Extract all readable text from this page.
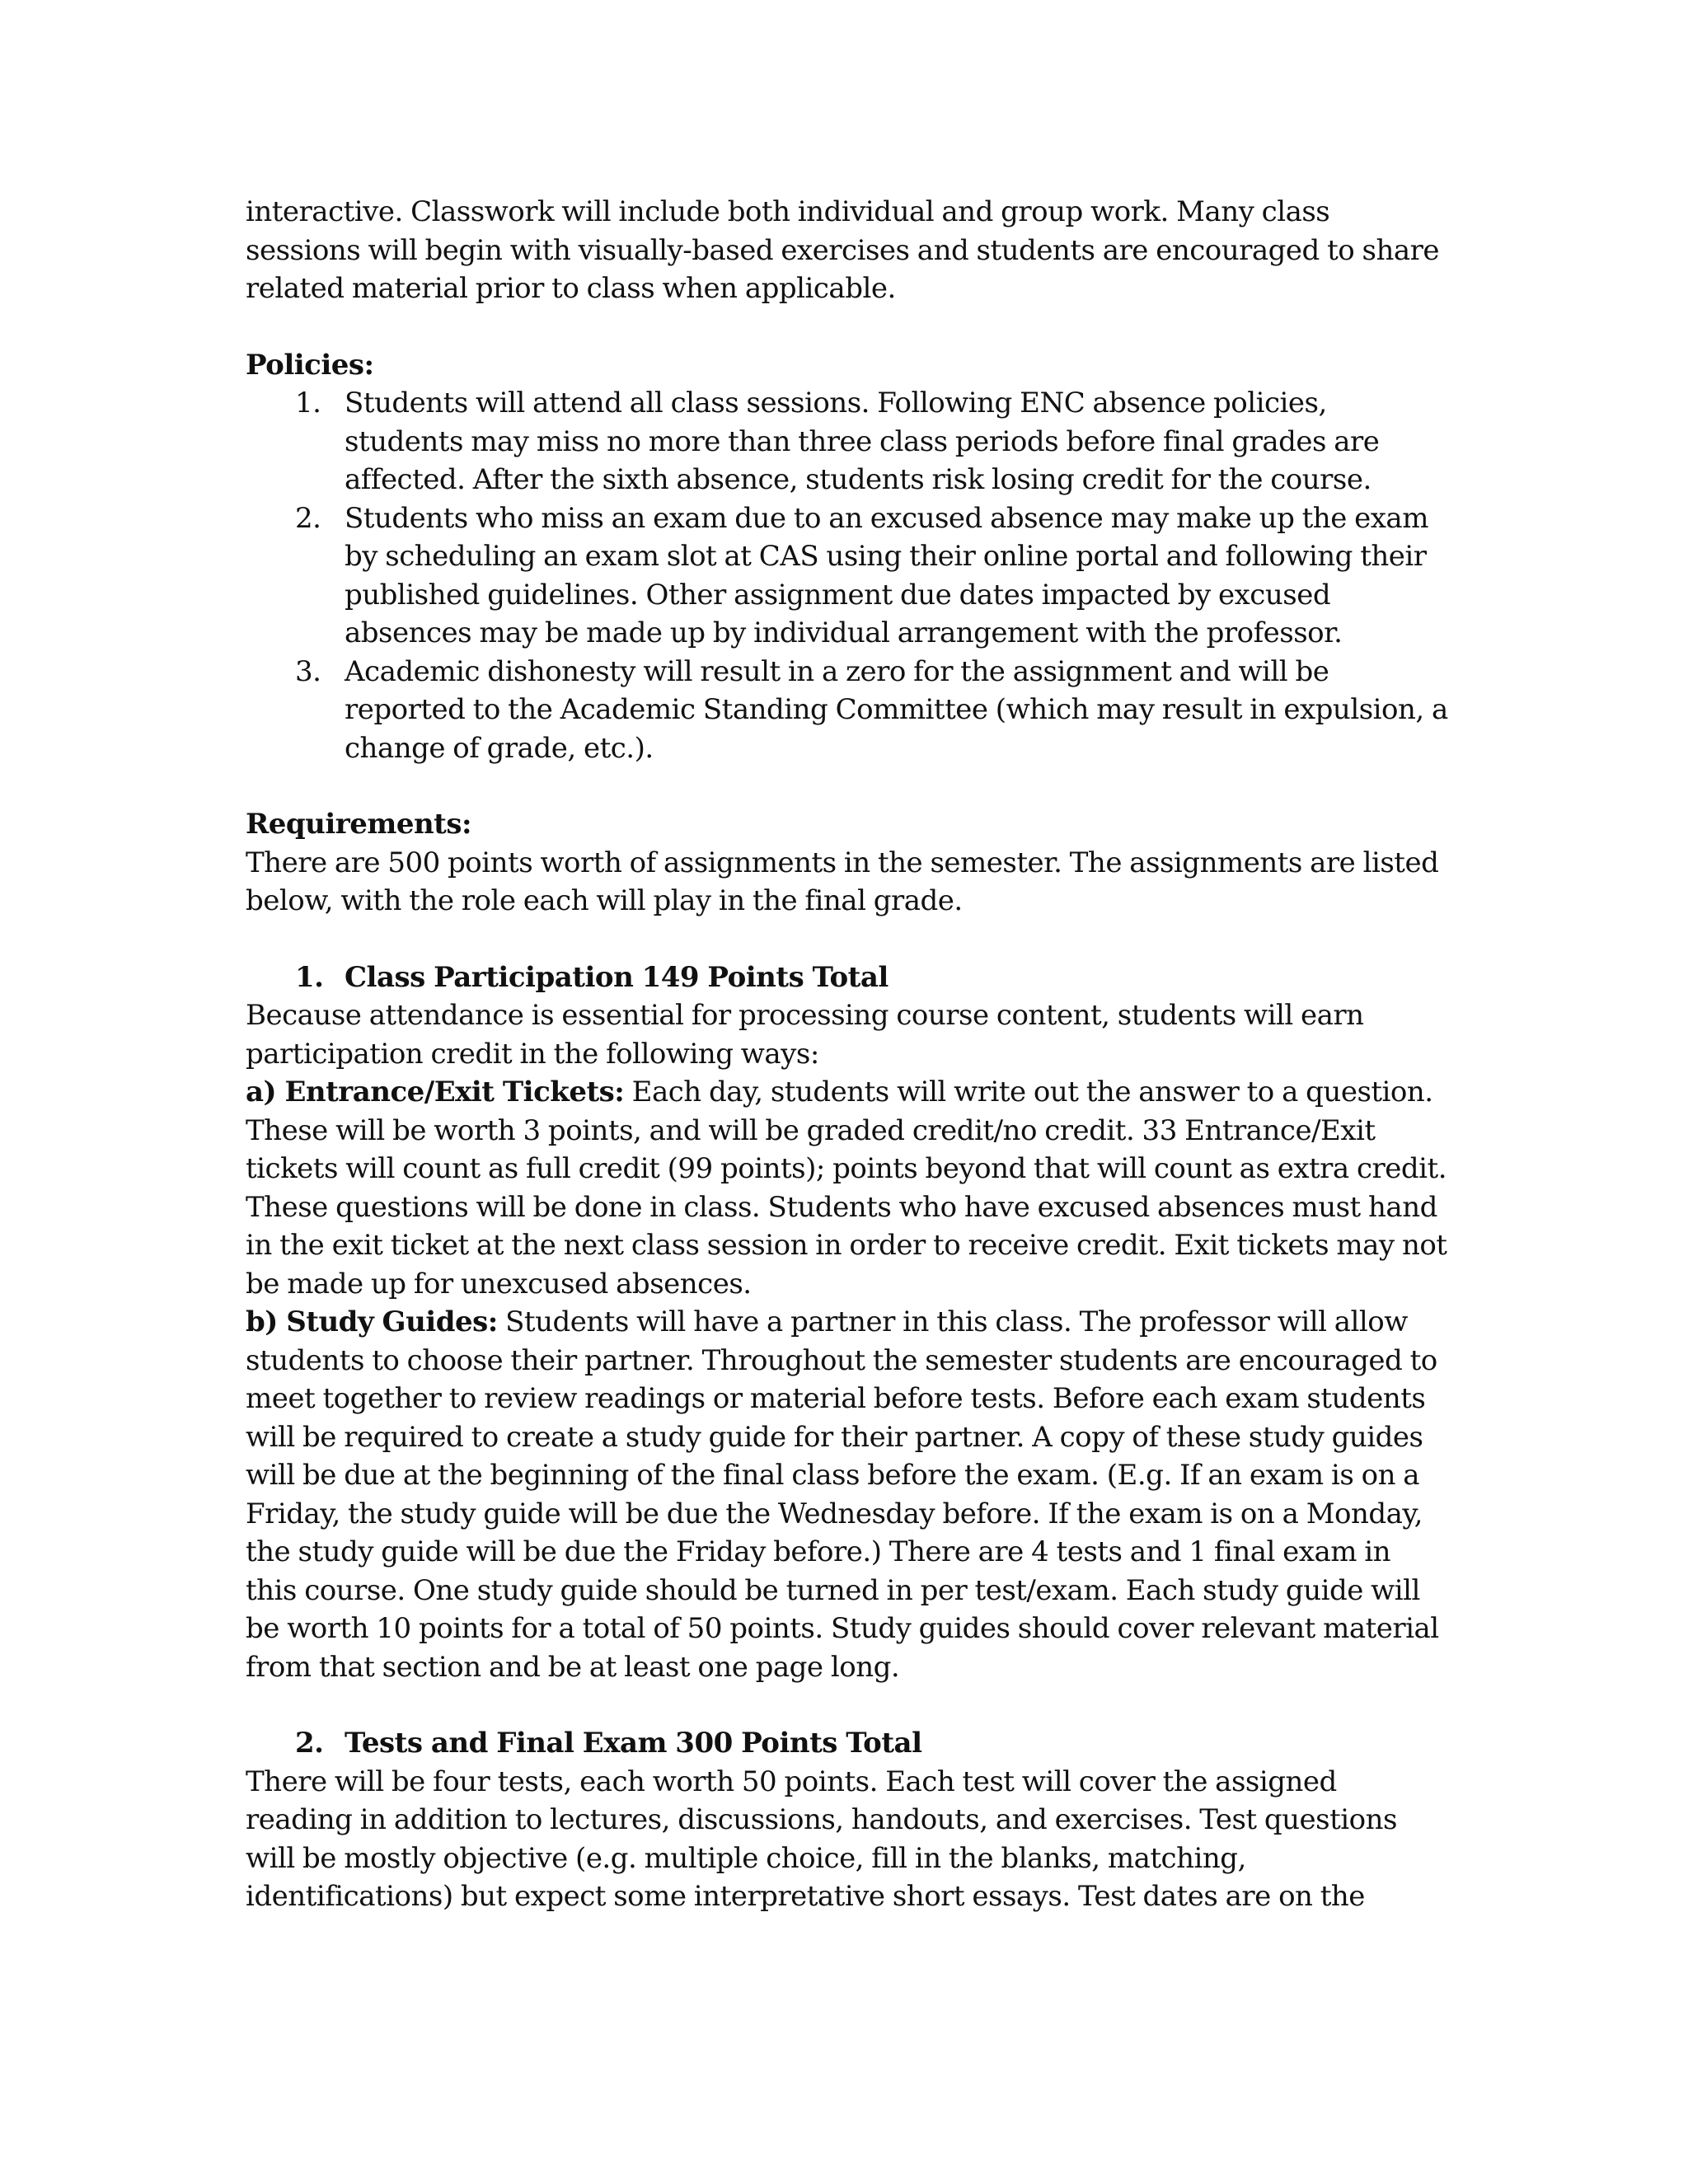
interactive. Classwork will include both individual and group work. Many class sessions will begin with visually-based exercises and students are encouraged to share related material prior to class when applicable.

Policies:

1. Students will attend all class sessions. Following ENC absence policies, students may miss no more than three class periods before final grades are affected. After the sixth absence, students risk losing credit for the course.
2. Students who miss an exam due to an excused absence may make up the exam by scheduling an exam slot at CAS using their online portal and following their published guidelines. Other assignment due dates impacted by excused absences may be made up by individual arrangement with the professor.
3. Academic dishonesty will result in a zero for the assignment and will be reported to the Academic Standing Committee (which may result in expulsion, a change of grade, etc.).

Requirements:

There are 500 points worth of assignments in the semester. The assignments are listed below, with the role each will play in the final grade.

1. Class Participation 149 Points Total

Because attendance is essential for processing course content, students will earn participation credit in the following ways:

a) Entrance/Exit Tickets: Each day, students will write out the answer to a question. These will be worth 3 points, and will be graded credit/no credit. 33 Entrance/Exit tickets will count as full credit (99 points); points beyond that will count as extra credit. These questions will be done in class. Students who have excused absences must hand in the exit ticket at the next class session in order to receive credit. Exit tickets may not be made up for unexcused absences.

b) Study Guides: Students will have a partner in this class. The professor will allow students to choose their partner. Throughout the semester students are encouraged to meet together to review readings or material before tests. Before each exam students will be required to create a study guide for their partner. A copy of these study guides will be due at the beginning of the final class before the exam. (E.g. If an exam is on a Friday, the study guide will be due the Wednesday before. If the exam is on a Monday, the study guide will be due the Friday before.) There are 4 tests and 1 final exam in this course. One study guide should be turned in per test/exam. Each study guide will be worth 10 points for a total of 50 points. Study guides should cover relevant material from that section and be at least one page long.

2. Tests and Final Exam 300 Points Total

There will be four tests, each worth 50 points. Each test will cover the assigned reading in addition to lectures, discussions, handouts, and exercises. Test questions will be mostly objective (e.g. multiple choice, fill in the blanks, matching, identifications) but expect some interpretative short essays. Test dates are on the
